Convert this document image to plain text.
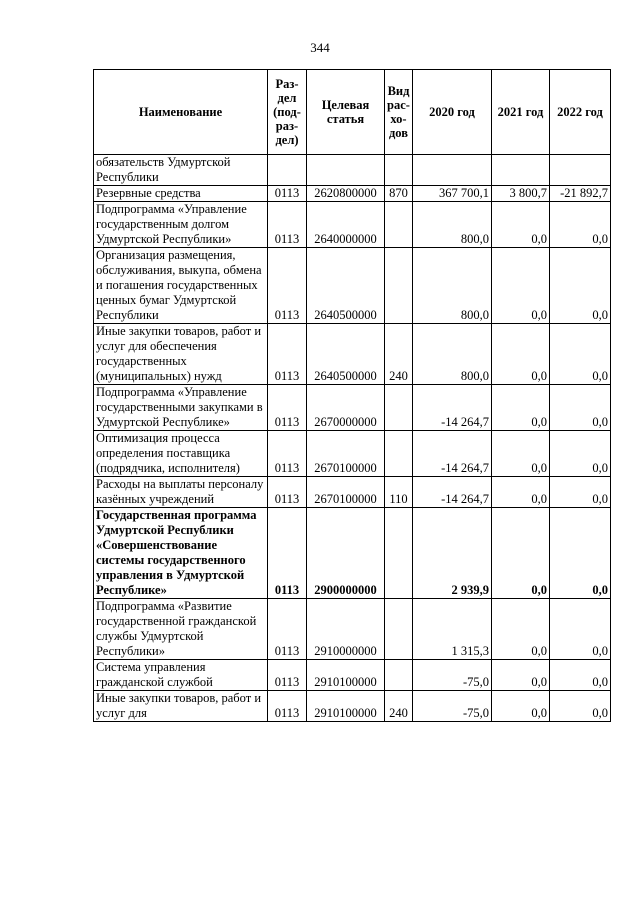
344
Наименование	Раз-дел (под-раз-дел)	Целевая статья	Вид рас-хо-дов	2020 год	2021 год	2022 год
обязательств Удмуртской Республики						
Резервные средства	0113	2620800000	870	367 700,1	3 800,7	-21 892,7
Подпрограмма «Управление государственным долгом Удмуртской Республики»	0113	2640000000		800,0	0,0	0,0
Организация размещения, обслуживания, выкупа, обмена и погашения государственных ценных бумаг Удмуртской Республики	0113	2640500000		800,0	0,0	0,0
Иные закупки товаров, работ и услуг для обеспечения государственных (муниципальных) нужд	0113	2640500000	240	800,0	0,0	0,0
Подпрограмма «Управление государственными закупками в Удмуртской Республике»	0113	2670000000		-14 264,7	0,0	0,0
Оптимизация процесса определения поставщика (подрядчика, исполнителя)	0113	2670100000		-14 264,7	0,0	0,0
Расходы на выплаты персоналу казённых учреждений	0113	2670100000	110	-14 264,7	0,0	0,0
Государственная программа Удмуртской Республики «Совершенствование системы государственного управления в Удмуртской Республике»	0113	2900000000		2 939,9	0,0	0,0
Подпрограмма «Развитие государственной гражданской службы Удмуртской Республики»	0113	2910000000		1 315,3	0,0	0,0
Система управления гражданской службой	0113	2910100000		-75,0	0,0	0,0
Иные закупки товаров, работ и услуг для	0113	2910100000	240	-75,0	0,0	0,0
